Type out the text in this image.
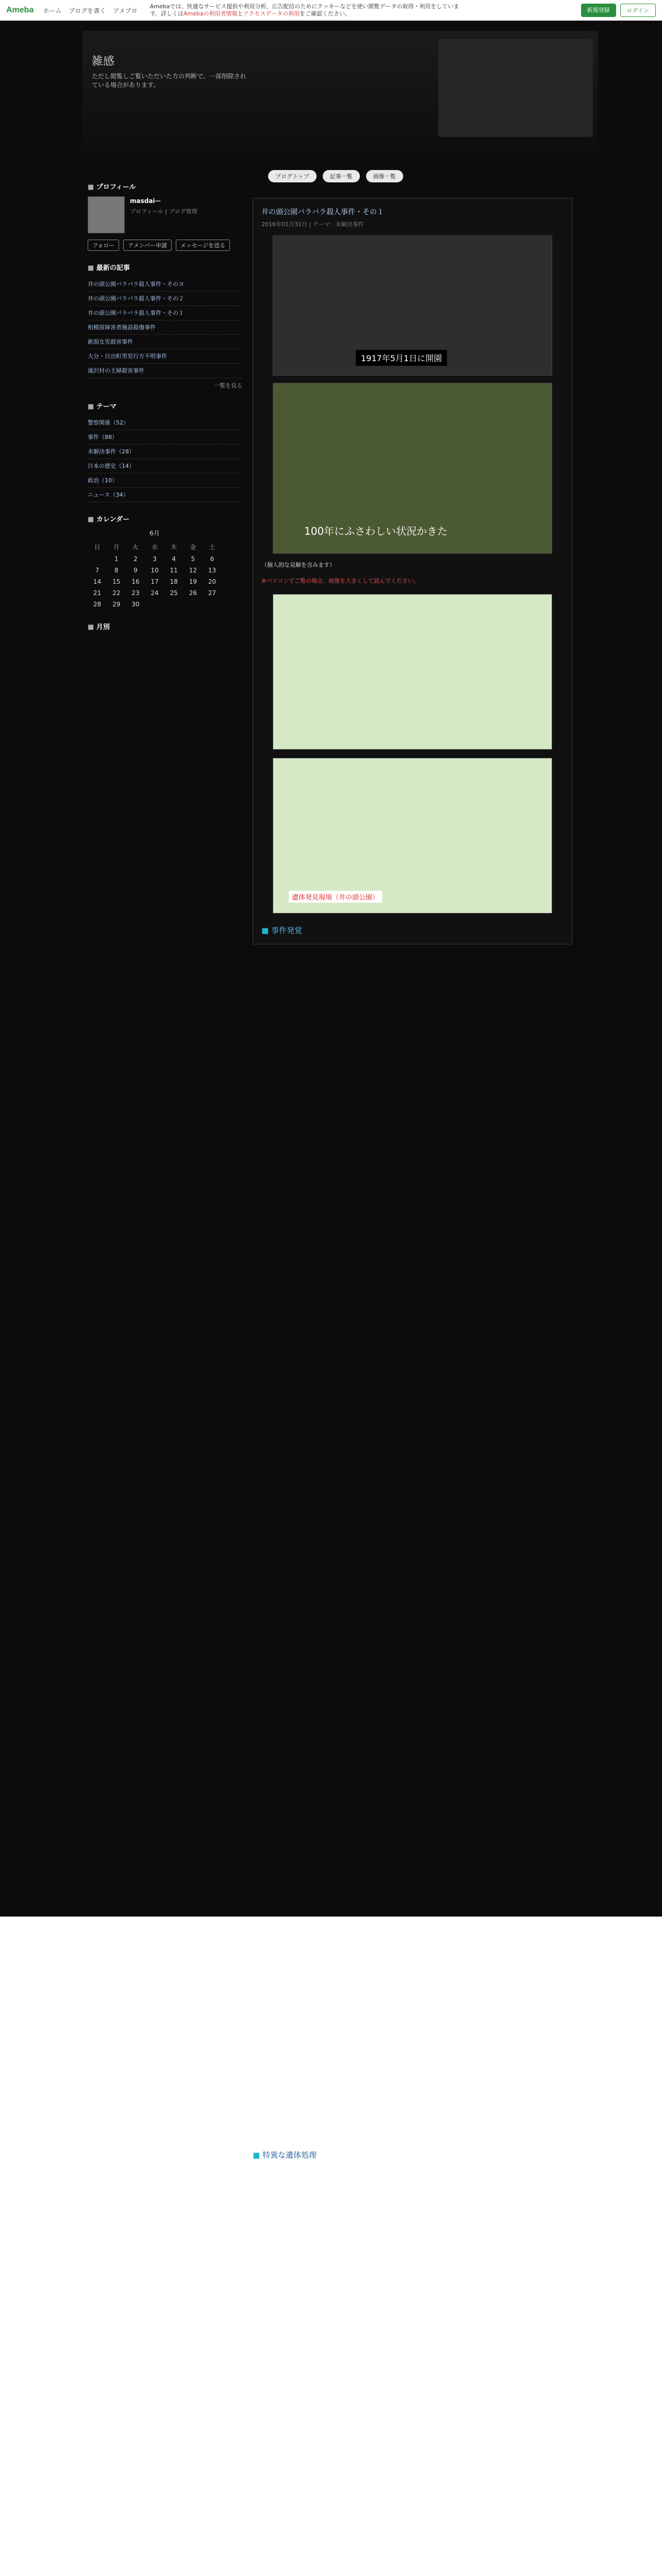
Ameba ホーム ブログを書く アメブロ
Amebaでは、快適なサービス提供や利用分析、広告配信のためにクッキーなどを使い閲覧データの取得・利用をしています。詳しくはAmebaの利用者情報とアクセスデータの利用をご確認ください。
新規登録	ログイン
雑感
ただし閲覧しご覧いただいた方の判断で、一部削除されている場合があります。
■ プロフィール
masdaiー
プロフィール | ブログ管理
フォロー アメンバー申請 メッセージを送る
■ 最新の記事
井の頭公園バラバラ殺人事件・そのヨ
井の頭公園バラバラ殺人事件・その２
井の頭公園バラバラ殺人事件・その１
相模原障害者施設殺傷事件
新潟女児殺害事件
大分・日出町男児行方不明事件
滝沢村の主婦殺害事件
一覧を見る
■ テーマ
警察関係（52）
事件（88）
未解決事件（28）
日本の歴史（14）
政治（10）
ニュース（34）
■ カレンダー
6月
日	月	火	水	木	金	土
	1	2	3	4	5	6
7	8	9	10	11	12	13
14	15	16	17	18	19	20
21	22	23	24	25	26	27
28	29	30				
■ 月別
ブログトップ	記事一覧	画像一覧
井の頭公園バラバラ殺人事件・その１
2016年01月31日 | テーマ：未解決事件
1917年5月1日に開園
100年にふさわしい状況かきた
（個人的な見解を含みます）
※パソコンでご覧の場合、画像を大きくして読んでください。
遺体発見現場（井の頭公園）
■ 事件発覚
■ 特異な遺体処理
